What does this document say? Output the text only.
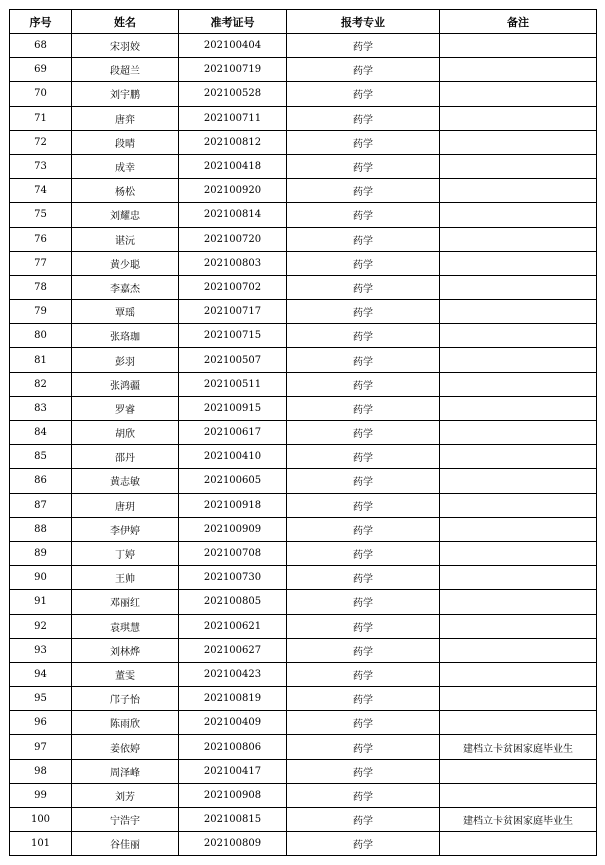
序号	姓名	准考证号	报考专业	备注
68	宋羽姣	202100404	药学	
69	段超兰	202100719	药学	
70	刘宇鹏	202100528	药学	
71	唐弈	202100711	药学	
72	段晴	202100812	药学	
73	成幸	202100418	药学	
74	杨松	202100920	药学	
75	刘耀忠	202100814	药学	
76	谌沅	202100720	药学	
77	黄少聪	202100803	药学	
78	李嘉杰	202100702	药学	
79	覃瑶	202100717	药学	
80	张珞珈	202100715	药学	
81	彭羽	202100507	药学	
82	张鸿疆	202100511	药学	
83	罗睿	202100915	药学	
84	胡欣	202100617	药学	
85	邵丹	202100410	药学	
86	黄志敏	202100605	药学	
87	唐玥	202100918	药学	
88	李伊婷	202100909	药学	
89	丁婷	202100708	药学	
90	王帅	202100730	药学	
91	邓丽红	202100805	药学	
92	袁琪慧	202100621	药学	
93	刘林烨	202100627	药学	
94	董雯	202100423	药学	
95	邝子怡	202100819	药学	
96	陈雨欣	202100409	药学	
97	姜依婷	202100806	药学	建档立卡贫困家庭毕业生
98	周泽峰	202100417	药学	
99	刘芳	202100908	药学	
100	宁浩宇	202100815	药学	建档立卡贫困家庭毕业生
101	谷佳丽	202100809	药学	
